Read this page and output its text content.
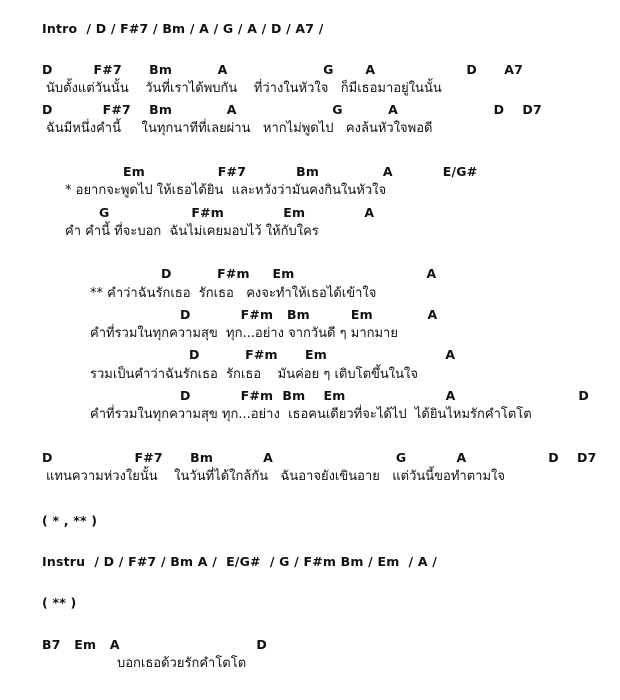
Intro  / D / F#7 / Bm / A / G / A / D / A7 /
D         F#7      Bm          A                     G       A                    D      A7
นับตั้งแต่วันนั้น    วันที่เราได้พบกัน    ที่ว่างในหัวใจ   ก็มีเธอมาอยู่ในนั้น
D           F#7    Bm            A                     G          A                     D    D7
ฉันมีหนึ่งคำนี้     ในทุกนาทีที่เลยผ่าน   หากไม่พูดไป   คงล้นหัวใจพอดี
Em                F#7           Bm              A           E/G#
* อยากจะพูดไป ให้เธอได้ยิน  และหวังว่ามันคงกินในหัวใจ
G                  F#m             Em             A
คำ คำนี้ ที่จะบอก  ฉันไม่เคยมอบไว้ ให้กับใคร
D          F#m     Em                             A
** คำว่าฉันรักเธอ  รักเธอ   คงจะทำให้เธอได้เข้าใจ
D           F#m   Bm         Em            A
คำที่รวมในทุกความสุข  ทุก...อย่าง จากวันดี ๆ มากมาย
D          F#m      Em                          A
รวมเป็นคำว่าฉันรักเธอ  รักเธอ    มันค่อย ๆ เติบโตขึ้นในใจ
D           F#m  Bm    Em                      A                           D
คำที่รวมในทุกความสุข ทุก...อย่าง  เธอคนเดียวที่จะได้ไป  ได้ยินไหมรักคำโตโต
D                  F#7      Bm           A                           G           A                  D    D7
แทนความห่วงใยนั้น    ในวันที่ได้ใกล้กัน   ฉันอาจยังเขินอาย   แต่วันนี้ขอทำตามใจ
( * , ** )
Instru  / D / F#7 / Bm A /  E/G#  / G / F#m Bm / Em  / A /
( ** )
B7   Em   A                              D
บอกเธอด้วยรักคำโตโต
